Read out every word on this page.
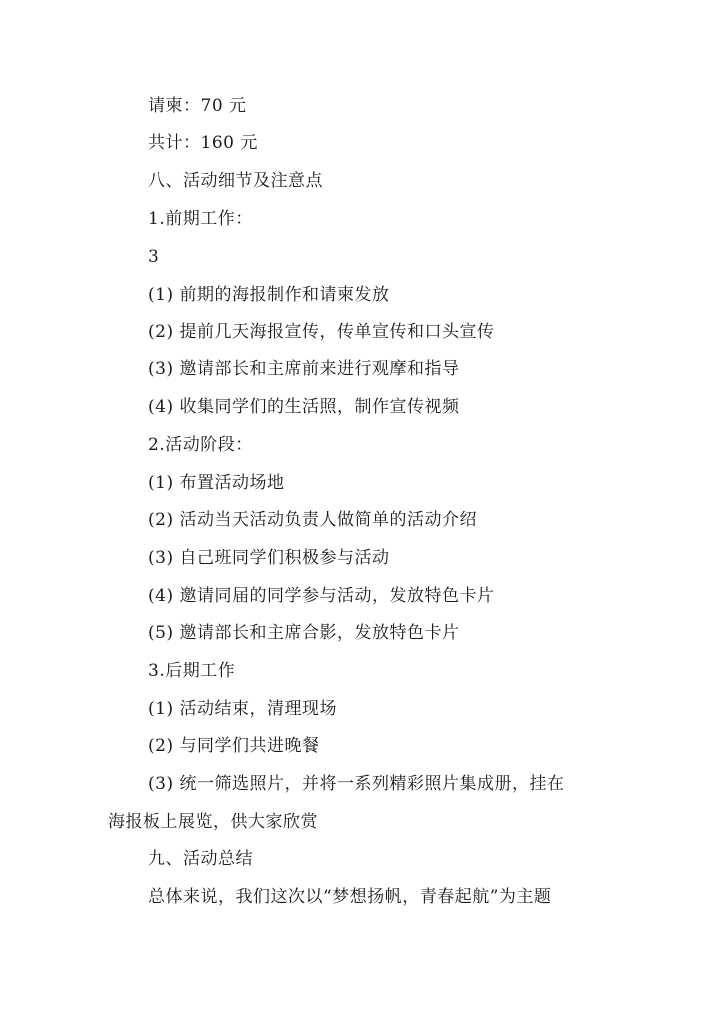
请柬：70 元
共计：160 元
八、活动细节及注意点
1.前期工作：
3
(1) 前期的海报制作和请柬发放
(2) 提前几天海报宣传，传单宣传和口头宣传
(3) 邀请部长和主席前来进行观摩和指导
(4) 收集同学们的生活照，制作宣传视频
2.活动阶段：
(1) 布置活动场地
(2) 活动当天活动负责人做简单的活动介绍
(3) 自己班同学们积极参与活动
(4) 邀请同届的同学参与活动，发放特色卡片
(5) 邀请部长和主席合影，发放特色卡片
3.后期工作
(1) 活动结束，清理现场
(2) 与同学们共进晚餐
(3) 统一筛选照片，并将一系列精彩照片集成册，挂在
海报板上展览，供大家欣赏
九、活动总结
总体来说，我们这次以“梦想扬帆，青春起航”为主题
